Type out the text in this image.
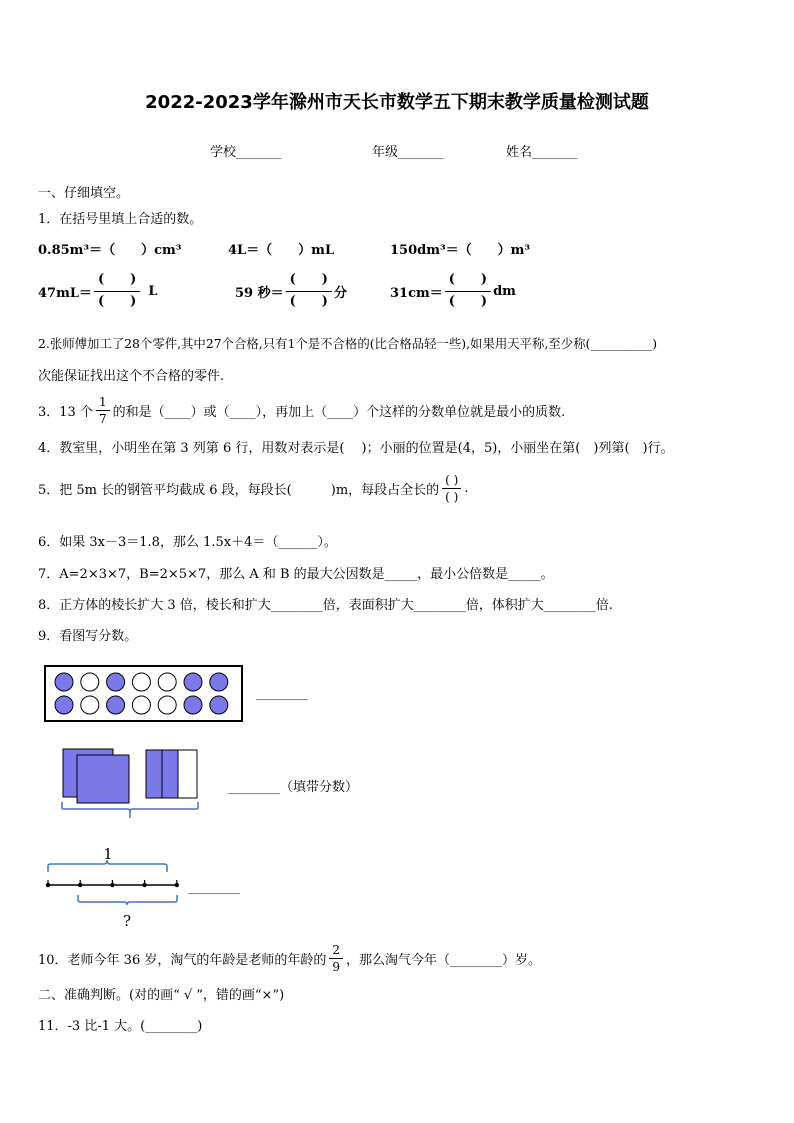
2022-2023学年滁州市天长市数学五下期末教学质量检测试题
学校_______	年级_______	姓名_______
一、仔细填空。
1．在括号里填上合适的数。
0.85m³＝（　　）cm³	4L＝（　　）mL	150dm³＝（　　）m³
47mL＝
(　　)
(　　)
L	59 秒＝
(　　)
(　　)
分	31cm＝
(　　)
(　　)
dm
2.张师傅加工了28个零件,其中27个合格,只有1个是不合格的(比合格品轻一些),如果用天平称,至少称(__________)
次能保证找出这个不合格的零件.
3．13 个 $\frac{1}{7}$ 的和是（____）或（____），再加上（____）个这样的分数单位就是最小的质数.
4．教室里，小明坐在第 3 列第 6 行，用数对表示是(　 )；小丽的位置是(4，5)，小丽坐在第(　)列第(　)行。
5．把 5m 长的钢管平均截成 6 段，每段长(　　　)m，每段占全长的 $\frac{( )}{( )}$ .
6．如果 3x－3＝1.8，那么 1.5x＋4＝（______）。
7．A=2×3×7，B=2×5×7，那么 A 和 B 的最大公因数是_____，最小公倍数是_____。
8．正方体的棱长扩大 3 倍，棱长和扩大________倍，表面积扩大________倍，体积扩大________倍.
9．看图写分数。
________
________（填带分数）
1
?
________
10．老师今年 36 岁，淘气的年龄是老师的年龄的 $\frac{2}{9}$ ，那么淘气今年（________）岁。
二、准确判断。(对的画“ √ ”，错的画“×”)
11．-3 比-1 大。(________)
